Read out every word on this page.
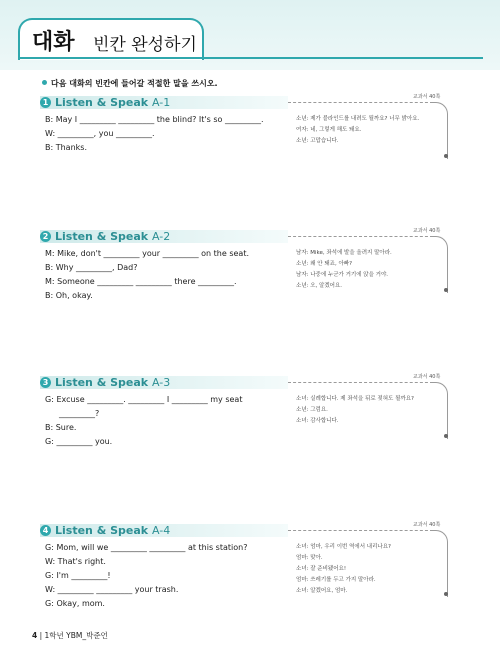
대화 빈칸 완성하기
다음 대화의 빈칸에 들어갈 적절한 말을 쓰시오.
1 Listen & Speak A-1	교과서 40쪽
B: May I _________ _________ the blind? It's so _________.
W: _________, you _________.
B: Thanks.
소년: 제가 블라인드를 내려도 될까요? 너무 밝아요.
여자: 네, 그렇게 해도 돼요.
소년: 고맙습니다.
2 Listen & Speak A-2	교과서 40쪽
M: Mike, don't _________ your _________ on the seat.
B: Why _________, Dad?
M: Someone _________ _________ there _________.
B: Oh, okay.
남자: Mike, 좌석에 발을 올려지 말아라.
소년: 왜 안 돼죠, 아빠?
남자: 나중에 누군가 거기에 앉을 거야.
소년: 오, 알겠어요.
3 Listen & Speak A-3	교과서 40쪽
G: Excuse _________. _________ I _________ my seat
_________?
B: Sure.
G: _________ you.
소녀: 실례합니다. 제 좌석을 뒤로 젖혀도 될까요?
소년: 그럼요.
소녀: 감사합니다.
4 Listen & Speak A-4	교과서 40쪽
G: Mom, will we _________ _________ at this station?
W: That's right.
G: I'm _________!
W: _________ _________ your trash.
G: Okay, mom.
소녀: 엄마, 우리 이번 역에서 내리나요?
엄마: 맞아.
소녀: 잘 준비됐어요!
엄마: 쓰레기를 두고 가지 말아라.
소녀: 알겠어요, 엄마.
4 | 1학년 YBM_박준언
